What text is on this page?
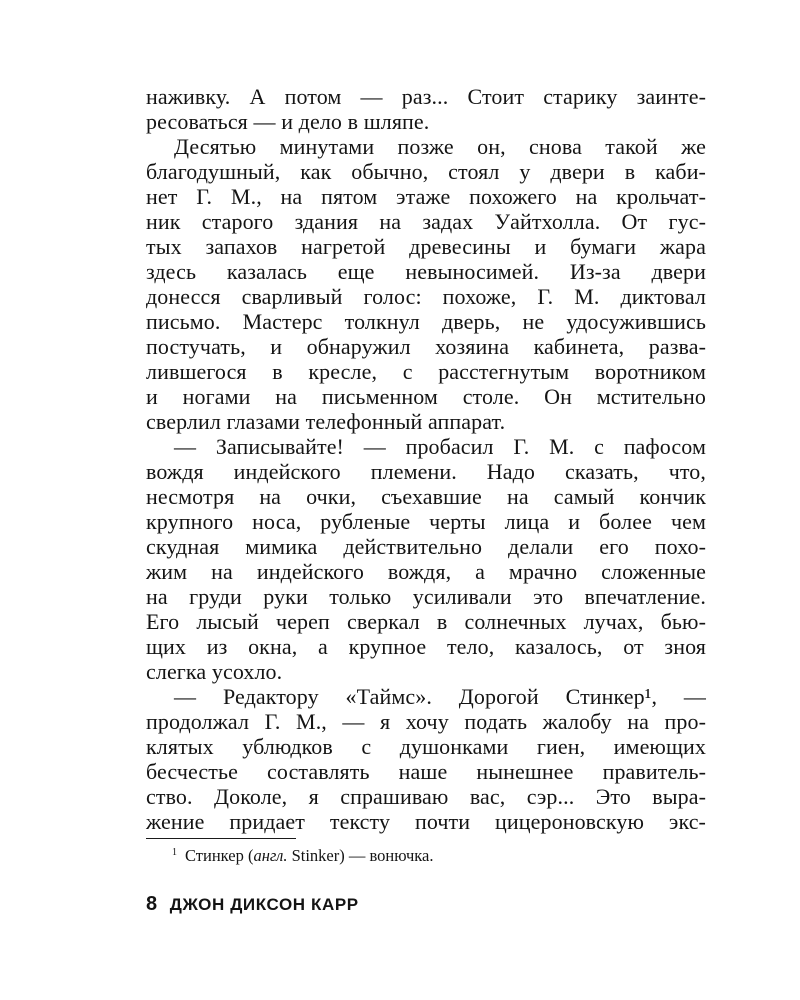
наживку. А потом — раз... Стоит старику заинте-
ресоваться — и дело в шляпе.
Десятью минутами позже он, снова такой же
благодушный, как обычно, стоял у двери в каби-
нет Г. М., на пятом этаже похожего на крольчат-
ник старого здания на задах Уайтхолла. От гус-
тых запахов нагретой древесины и бумаги жара
здесь казалась еще невыносимей. Из-за двери
донесся сварливый голос: похоже, Г. М. диктовал
письмо. Мастерс толкнул дверь, не удосужившись
постучать, и обнаружил хозяина кабинета, разва-
лившегося в кресле, с расстегнутым воротником
и ногами на письменном столе. Он мстительно
сверлил глазами телефонный аппарат.
— Записывайте! — пробасил Г. М. с пафосом
вождя индейского племени. Надо сказать, что,
несмотря на очки, съехавшие на самый кончик
крупного носа, рубленые черты лица и более чем
скудная мимика действительно делали его похо-
жим на индейского вождя, а мрачно сложенные
на груди руки только усиливали это впечатление.
Его лысый череп сверкал в солнечных лучах, бью-
щих из окна, а крупное тело, казалось, от зноя
слегка усохло.
— Редактору «Таймс». Дорогой Стинкер¹, —
продолжал Г. М., — я хочу подать жалобу на про-
клятых ублюдков с душонками гиен, имеющих
бесчестье составлять наше нынешнее правитель-
ство. Доколе, я спрашиваю вас, сэр... Это выра-
жение придает тексту почти цицероновскую экс-
$^1$ Стинкер (англ. Stinker) — вонючка.
8 ДЖОН ДИКСОН КАРР
